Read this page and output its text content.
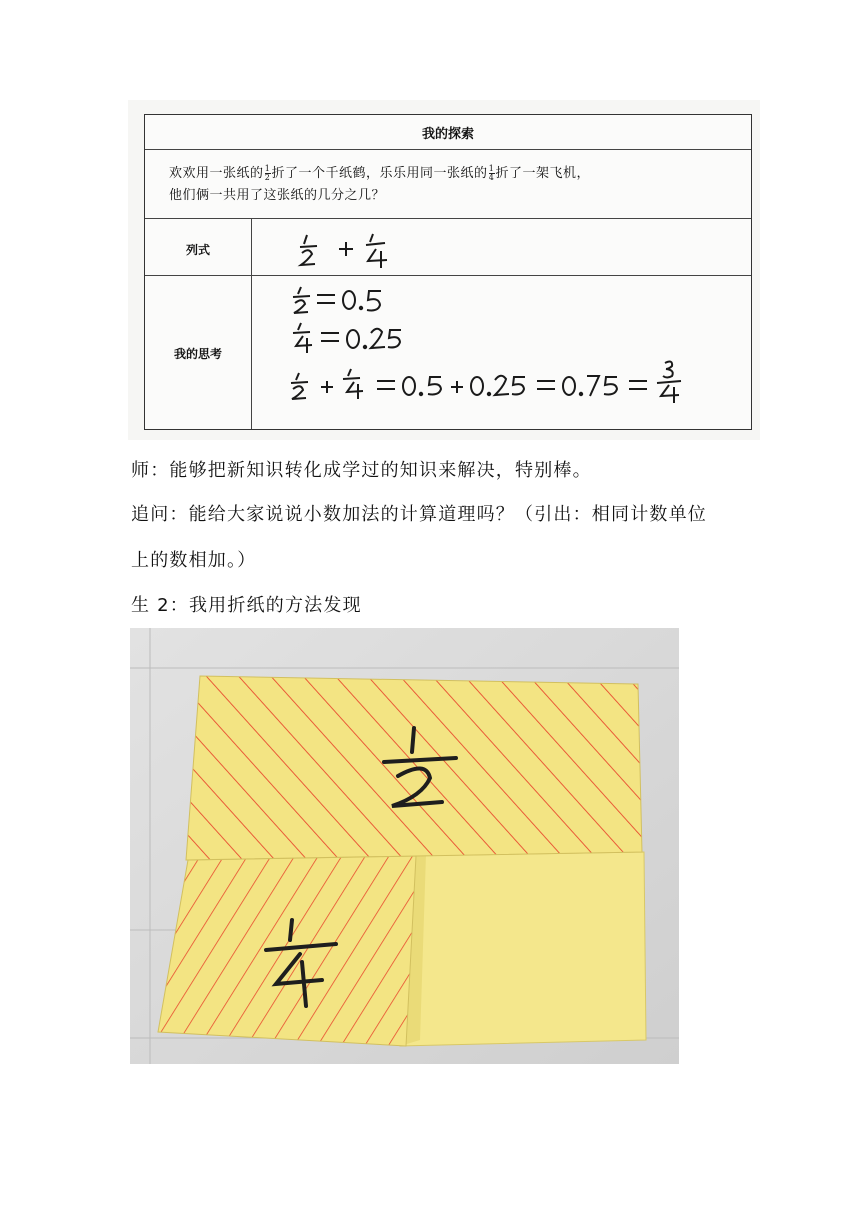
我的探索
欢欢用一张纸的 $\frac{1}{2}$ 折了一个千纸鹤，乐乐用同一张纸的 $\frac{1}{4}$ 折了一架飞机，
他们俩一共用了这张纸的几分之几？
列式
我的思考
师：能够把新知识转化成学过的知识来解决，特别棒。
追问：能给大家说说小数加法的计算道理吗？（引出：相同计数单位
上的数相加。）
生 2：我用折纸的方法发现
